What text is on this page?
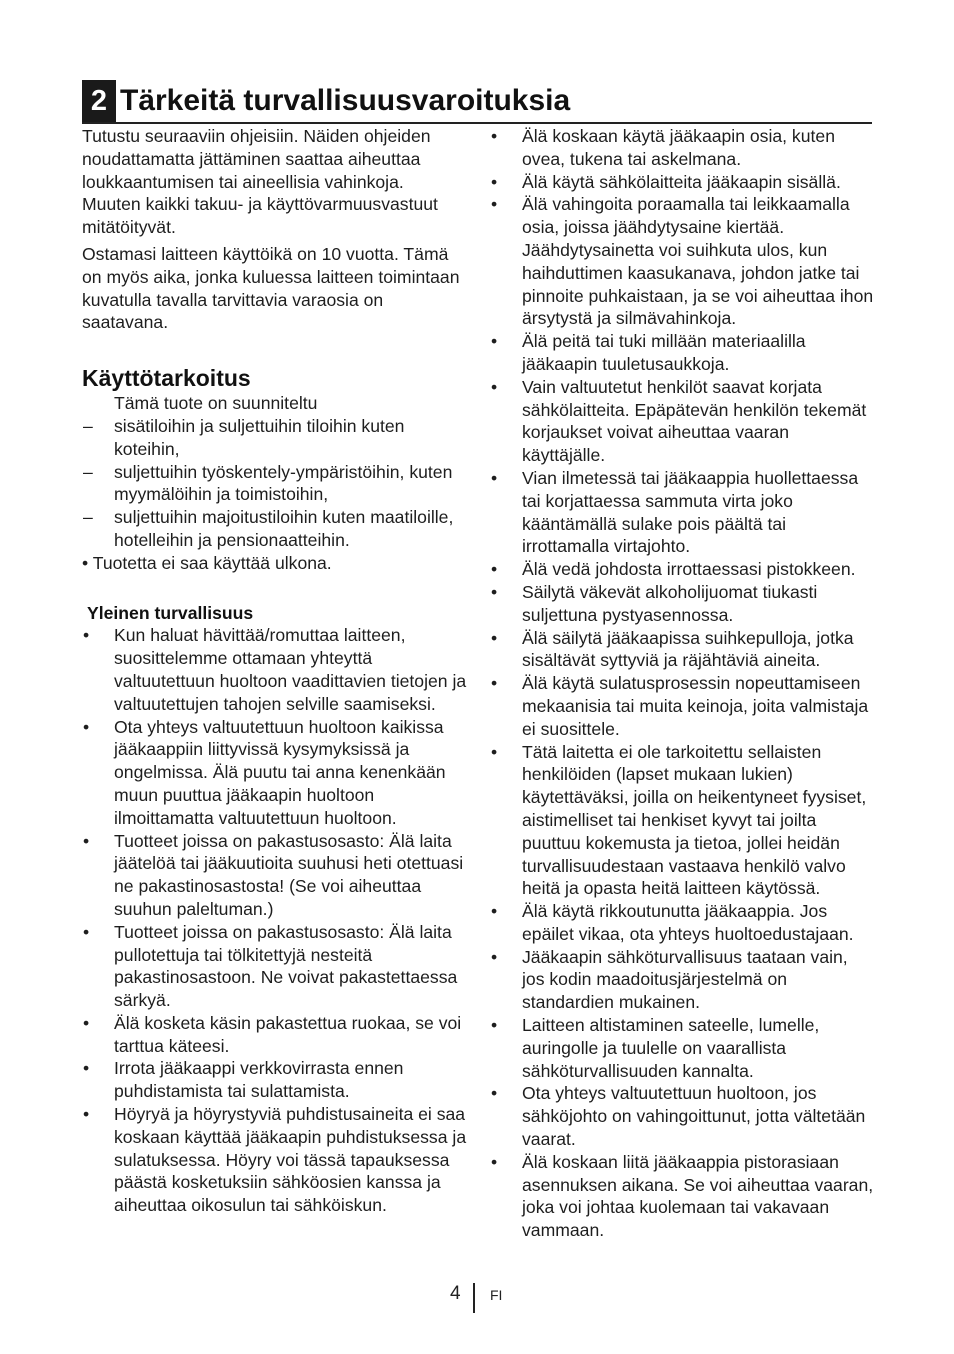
2 Tärkeitä turvallisuusvaroituksia

Tutustu seuraaviin ohjeisiin. Näiden ohjeiden noudattamatta jättäminen saattaa aiheuttaa loukkaantumisen tai aineellisia vahinkoja. Muuten kaikki takuu- ja käyttövarmuusvastuut mitätöityvät.

Ostamasi laitteen käyttöikä on 10 vuotta. Tämä on myös aika, jonka kuluessa laitteen toimintaan kuvatulla tavalla tarvittavia varaosia on saatavana.

Käyttötarkoitus

Tämä tuote on suunniteltu

– sisätiloihin ja suljettuihin tiloihin kuten koteihin,
– suljettuihin työskentely-ympäristöihin, kuten myymälöihin ja toimistoihin,
– suljettuihin majoitustiloihin kuten maatiloille, hotelleihin ja pensionaatteihin.
• Tuotetta ei saa käyttää ulkona.
Yleinen turvallisuus
• Kun haluat hävittää/romuttaa laitteen, suosittelemme ottamaan yhteyttä valtuutettuun huoltoon vaadittavien tietojen ja valtuutettujen tahojen selville saamiseksi.
• Ota yhteys valtuutettuun huoltoon kaikissa jääkaappiin liittyvissä kysymyksissä ja ongelmissa. Älä puutu tai anna kenenkään muun puuttua jääkaapin huoltoon ilmoittamatta valtuutettuun huoltoon.
• Tuotteet joissa on pakastusosasto: Älä laita jäätelöä tai jääkuutioita suuhusi heti otettuasi ne pakastinosastosta! (Se voi aiheuttaa suuhun paleltuman.)
• Tuotteet joissa on pakastusosasto: Älä laita pullotettuja tai tölkitettyjä nesteitä pakastinosastoon. Ne voivat pakastettaessa särkyä.
• Älä kosketa käsin pakastettua ruokaa, se voi tarttua käteesi.
• Irrota jääkaappi verkkovirrasta ennen puhdistamista tai sulattamista.
• Höyryä ja höyrystyviä puhdistusaineita ei saa koskaan käyttää jääkaapin puhdistuksessa ja sulatuksessa. Höyry voi tässä tapauksessa päästä kosketuksiin sähköosien kanssa ja aiheuttaa oikosulun tai sähköiskun.
• Älä koskaan käytä jääkaapin osia, kuten ovea, tukena tai askelmana.
• Älä käytä sähkölaitteita jääkaapin sisällä.
• Älä vahingoita poraamalla tai leikkaamalla osia, joissa jäähdytysaine kiertää. Jäähdytysainetta voi suihkuta ulos, kun haihduttimen kaasukanava, johdon jatke tai pinnoite puhkaistaan, ja se voi aiheuttaa ihon ärsytystä ja silmävahinkoja.
• Älä peitä tai tuki millään materiaalilla jääkaapin tuuletusaukkoja.
• Vain valtuutetut henkilöt saavat korjata sähkölaitteita. Epäpätevän henkilön tekemät korjaukset voivat aiheuttaa vaaran käyttäjälle.
• Vian ilmetessä tai jääkaappia huollettaessa tai korjattaessa sammuta virta joko kääntämällä sulake pois päältä tai irrottamalla virtajohto.
• Älä vedä johdosta irrottaessasi pistokkeen.
• Säilytä väkevät alkoholijuomat tiukasti suljettuna pystyasennossa.
• Älä säilytä jääkaapissa suihkepulloja, jotka sisältävät syttyviä ja räjähtäviä aineita.
• Älä käytä sulatusprosessin nopeuttamiseen mekaanisia tai muita keinoja, joita valmistaja ei suosittele.
• Tätä laitetta ei ole tarkoitettu sellaisten henkilöiden (lapset mukaan lukien) käytettäväksi, joilla on heikentyneet fyysiset, aistimelliset tai henkiset kyvyt tai joilta puuttuu kokemusta ja tietoa, jollei heidän turvallisuudestaan vastaava henkilö valvo heitä ja opasta heitä laitteen käytössä.
• Älä käytä rikkoutunutta jääkaappia. Jos epäilet vikaa, ota yhteys huoltoedustajaan.
• Jääkaapin sähköturvallisuus taataan vain, jos kodin maadoitusjärjestelmä on standardien mukainen.
• Laitteen altistaminen sateelle, lumelle, auringolle ja tuulelle on vaarallista sähköturvallisuuden kannalta.
• Ota yhteys valtuutettuun huoltoon, jos sähköjohto on vahingoittunut, jotta vältetään vaarat.
• Älä koskaan liitä jääkaappia pistorasiaan asennuksen aikana. Se voi aiheuttaa vaaran, joka voi johtaa kuolemaan tai vakavaan vammaan.
4 FI
